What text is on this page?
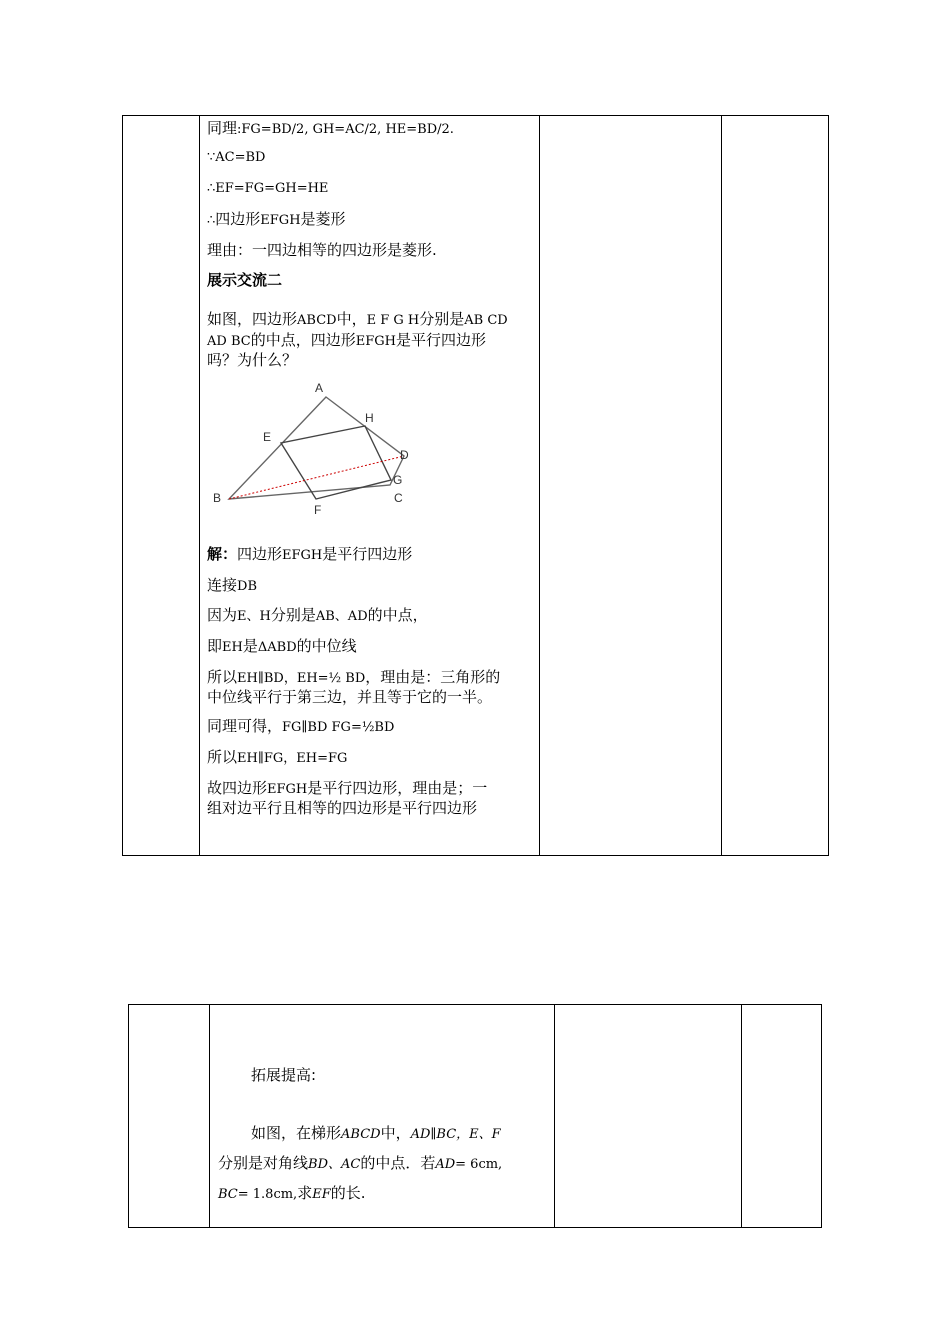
同理:FG=BD/2, GH=AC/2, HE=BD/2.
∵AC=BD
∴EF=FG=GH=HE
∴四边形EFGH是菱形
理由：一四边相等的四边形是菱形.
展示交流二
如图，四边形ABCD中，E F G H分别是AB CD
AD BC的中点，四边形EFGH是平行四边形
吗？为什么？
A
H
E
D
G
B	C
F
解：四边形EFGH是平行四边形
连接DB
因为E、H分别是AB、AD的中点，
即EH是ΔABD的中位线
所以EH∥BD，EH=½ BD，理由是：三角形的
中位线平行于第三边，并且等于它的一半。
同理可得，FG∥BD FG=½BD
所以EH∥FG，EH=FG
故四边形EFGH是平行四边形，理由是；一
组对边平行且相等的四边形是平行四边形
拓展提高:
如图，在梯形ABCD中，AD∥BC，E、F
分别是对角线BD、AC的中点．若AD= 6cm,
BC= 1.8cm,求EF的长.
